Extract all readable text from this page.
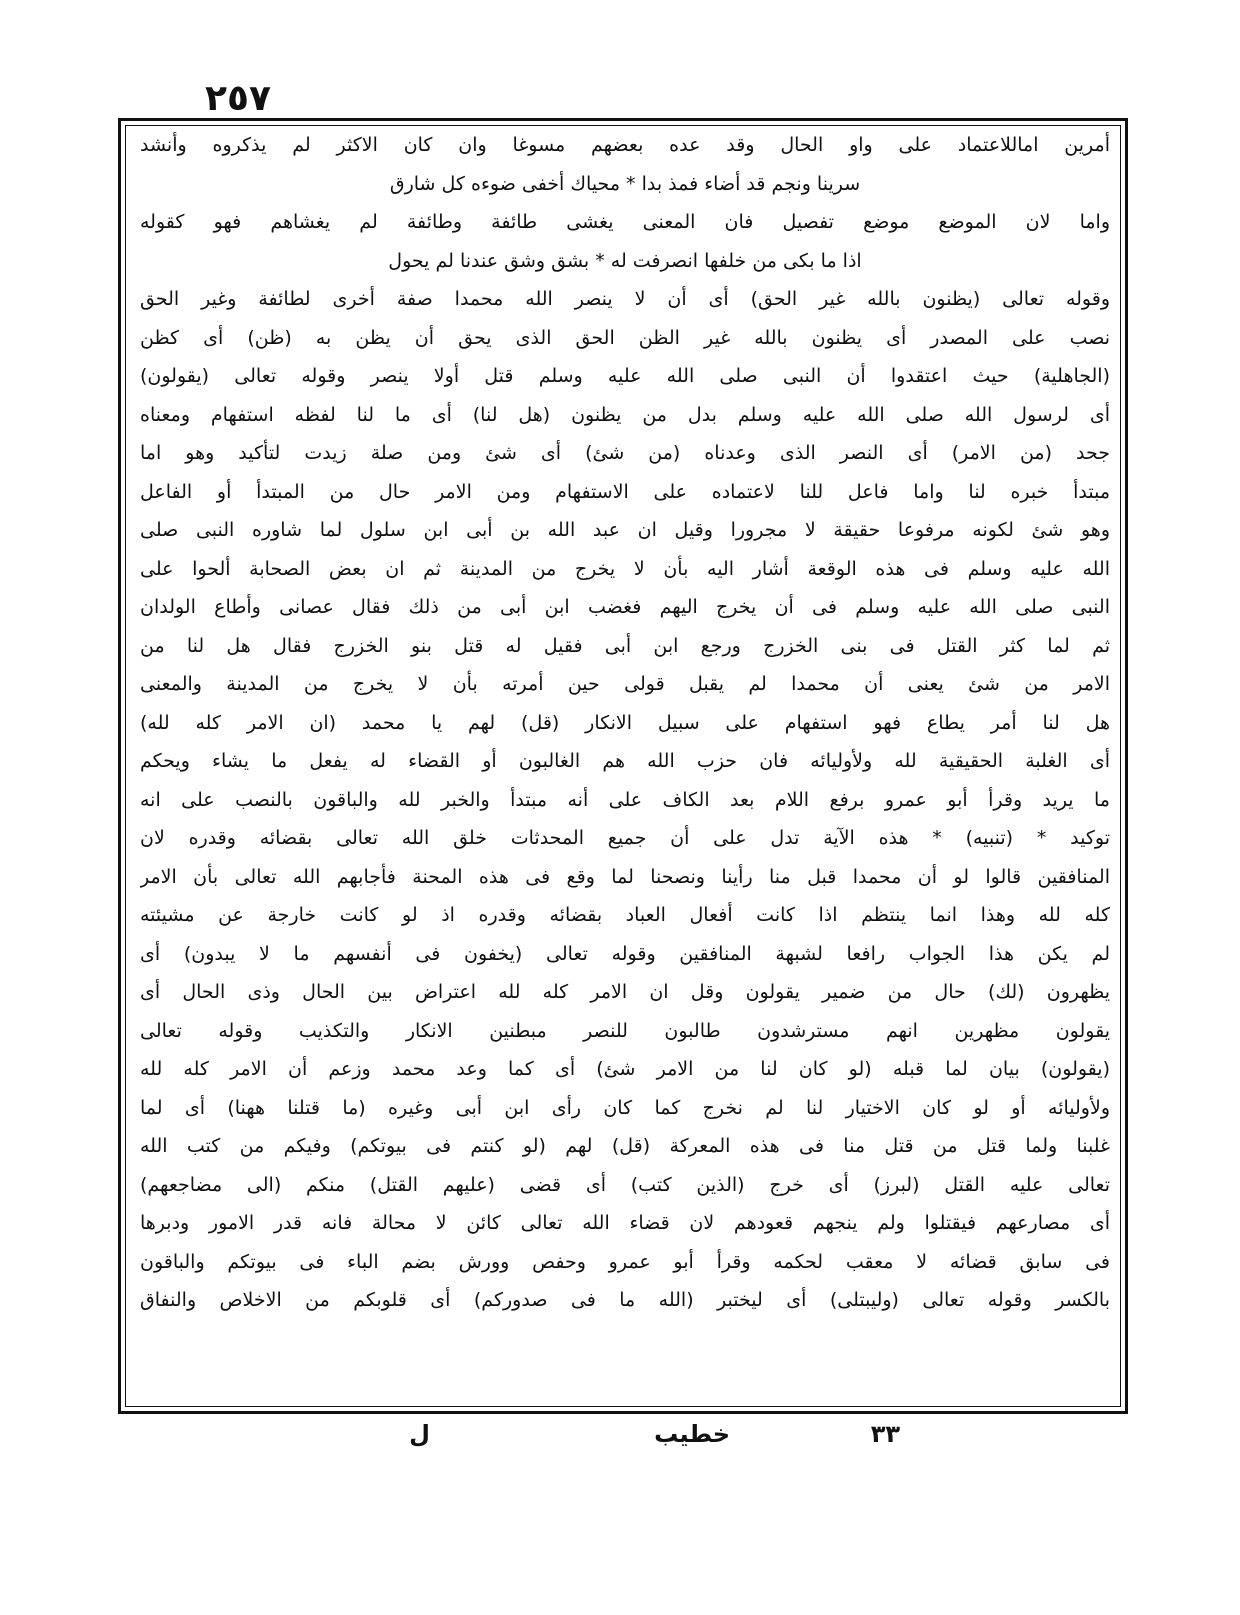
٢٥٧
أمرين اماللاعتماد على واو الحال وقد عده بعضهم مسوغا وان كان الاكثر لم يذكروه وأنشد
سرينا ونجم قد أضاء فمذ بدا * محياك أخفى ضوءه كل شارق
واما لان الموضع موضع تفصيل فان المعنى يغشى طائفة وطائفة لم يغشاهم فهو كقوله
اذا ما بكى من خلفها انصرفت له * بشق وشق عندنا لم يحول
وقوله تعالى (يظنون بالله غير الحق) أى أن لا ينصر الله محمدا صفة أخرى لطائفة وغير الحق
نصب على المصدر أى يظنون بالله غير الظن الحق الذى يحق أن يظن به (ظن) أى كظن
(الجاهلية) حيث اعتقدوا أن النبى صلى الله عليه وسلم قتل أولا ينصر وقوله تعالى (يقولون)
أى لرسول الله صلى الله عليه وسلم بدل من يظنون (هل لنا) أى ما لنا لفظه استفهام ومعناه
جحد (من الامر) أى النصر الذى وعدناه (من شئ) أى شئ ومن صلة زيدت لتأكيد وهو اما
مبتدأ خبره لنا واما فاعل للنا لاعتماده على الاستفهام ومن الامر حال من المبتدأ أو الفاعل
وهو شئ لكونه مرفوعا حقيقة لا مجرورا وقيل ان عبد الله بن أبى ابن سلول لما شاوره النبى صلى
الله عليه وسلم فى هذه الوقعة أشار اليه بأن لا يخرج من المدينة ثم ان بعض الصحابة ألحوا على
النبى صلى الله عليه وسلم فى أن يخرج اليهم فغضب ابن أبى من ذلك فقال عصانى وأطاع الولدان
ثم لما كثر القتل فى بنى الخزرج ورجع ابن أبى فقيل له قتل بنو الخزرج فقال هل لنا من
الامر من شئ يعنى أن محمدا لم يقبل قولى حين أمرته بأن لا يخرج من المدينة والمعنى
هل لنا أمر يطاع فهو استفهام على سبيل الانكار (قل) لهم يا محمد (ان الامر كله لله)
أى الغلبة الحقيقية لله ولأوليائه فان حزب الله هم الغالبون أو القضاء له يفعل ما يشاء ويحكم
ما يريد وقرأ أبو عمرو برفع اللام بعد الكاف على أنه مبتدأ والخبر لله والباقون بالنصب على انه
توكيد * (تنبيه) * هذه الآية تدل على أن جميع المحدثات خلق الله تعالى بقضائه وقدره لان
المنافقين قالوا لو أن محمدا قبل منا رأينا ونصحنا لما وقع فى هذه المحنة فأجابهم الله تعالى بأن الامر
كله لله وهذا انما ينتظم اذا كانت أفعال العباد بقضائه وقدره اذ لو كانت خارجة عن مشيئته
لم يكن هذا الجواب رافعا لشبهة المنافقين وقوله تعالى (يخفون فى أنفسهم ما لا يبدون) أى
يظهرون (لك) حال من ضمير يقولون وقل ان الامر كله لله اعتراض بين الحال وذى الحال أى
يقولون مظهرين انهم مسترشدون طالبون للنصر مبطنين الانكار والتكذيب وقوله تعالى
(يقولون) بيان لما قبله (لو كان لنا من الامر شئ) أى كما وعد محمد وزعم أن الامر كله لله
ولأوليائه أو لو كان الاختيار لنا لم نخرج كما كان رأى ابن أبى وغيره (ما قتلنا ههنا) أى لما
غلبنا ولما قتل من قتل منا فى هذه المعركة (قل) لهم (لو كنتم فى بيوتكم) وفيكم من كتب الله
تعالى عليه القتل (لبرز) أى خرج (الذين كتب) أى قضى (عليهم القتل) منكم (الى مضاجعهم)
أى مصارعهم فيقتلوا ولم ينجهم قعودهم لان قضاء الله تعالى كائن لا محالة فانه قدر الامور ودبرها
فى سابق قضائه لا معقب لحكمه وقرأ أبو عمرو وحفص وورش بضم الباء فى بيوتكم والباقون
بالكسر وقوله تعالى (وليبتلى) أى ليختبر (الله ما فى صدوركم) أى قلوبكم من الاخلاص والنفاق
٣٣
خطيب
ل
